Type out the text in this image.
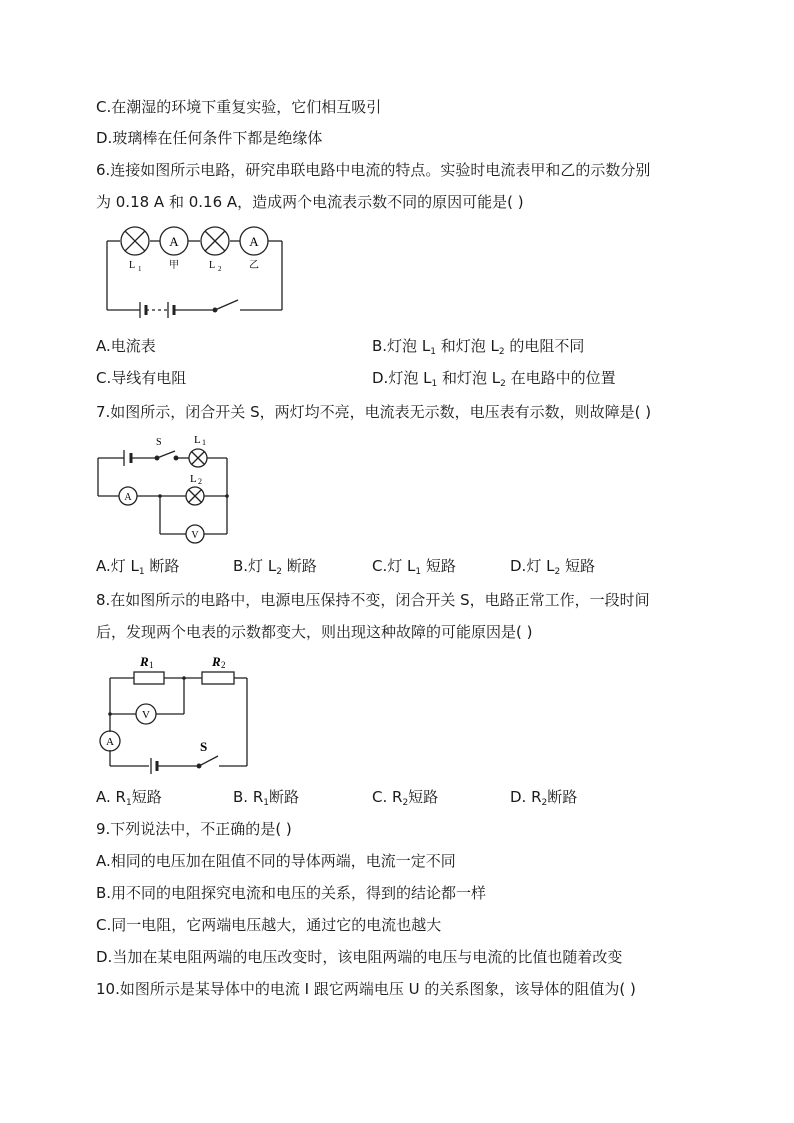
C.在潮湿的环境下重复实验，它们相互吸引
D.玻璃棒在任何条件下都是绝缘体
6.连接如图所示电路，研究串联电路中电流的特点。实验时电流表甲和乙的示数分别
为 0.18 A 和 0.16 A，造成两个电流表示数不同的原因可能是( )
A	A
L 1	甲	L 2	乙
A.电流表	B.灯泡 $L_1$ 和灯泡 $L_2$ 的电阻不同
C.导线有电阻	D.灯泡 $L_1$ 和灯泡 $L_2$ 在电路中的位置
7.如图所示，闭合开关 S，两灯均不亮，电流表无示数，电压表有示数，则故障是( )
S	L 1
A
L 2
V
A.灯 $L_1$ 断路	B.灯 $L_2$ 断路	C.灯 $L_1$ 短路	D.灯 $L_2$ 短路
8.在如图所示的电路中，电源电压保持不变，闭合开关 S，电路正常工作，一段时间
后，发现两个电表的示数都变大，则出现这种故障的可能原因是( )
R 1	R 2
V
A	S
A. $R_1$短路	B. $R_1$断路	C. $R_2$短路	D. $R_2$断路
9.下列说法中，不正确的是( )
A.相同的电压加在阻值不同的导体两端，电流一定不同
B.用不同的电阻探究电流和电压的关系，得到的结论都一样
C.同一电阻，它两端电压越大，通过它的电流也越大
D.当加在某电阻两端的电压改变时，该电阻两端的电压与电流的比值也随着改变
10.如图所示是某导体中的电流 I 跟它两端电压 U 的关系图象，该导体的阻值为( )
